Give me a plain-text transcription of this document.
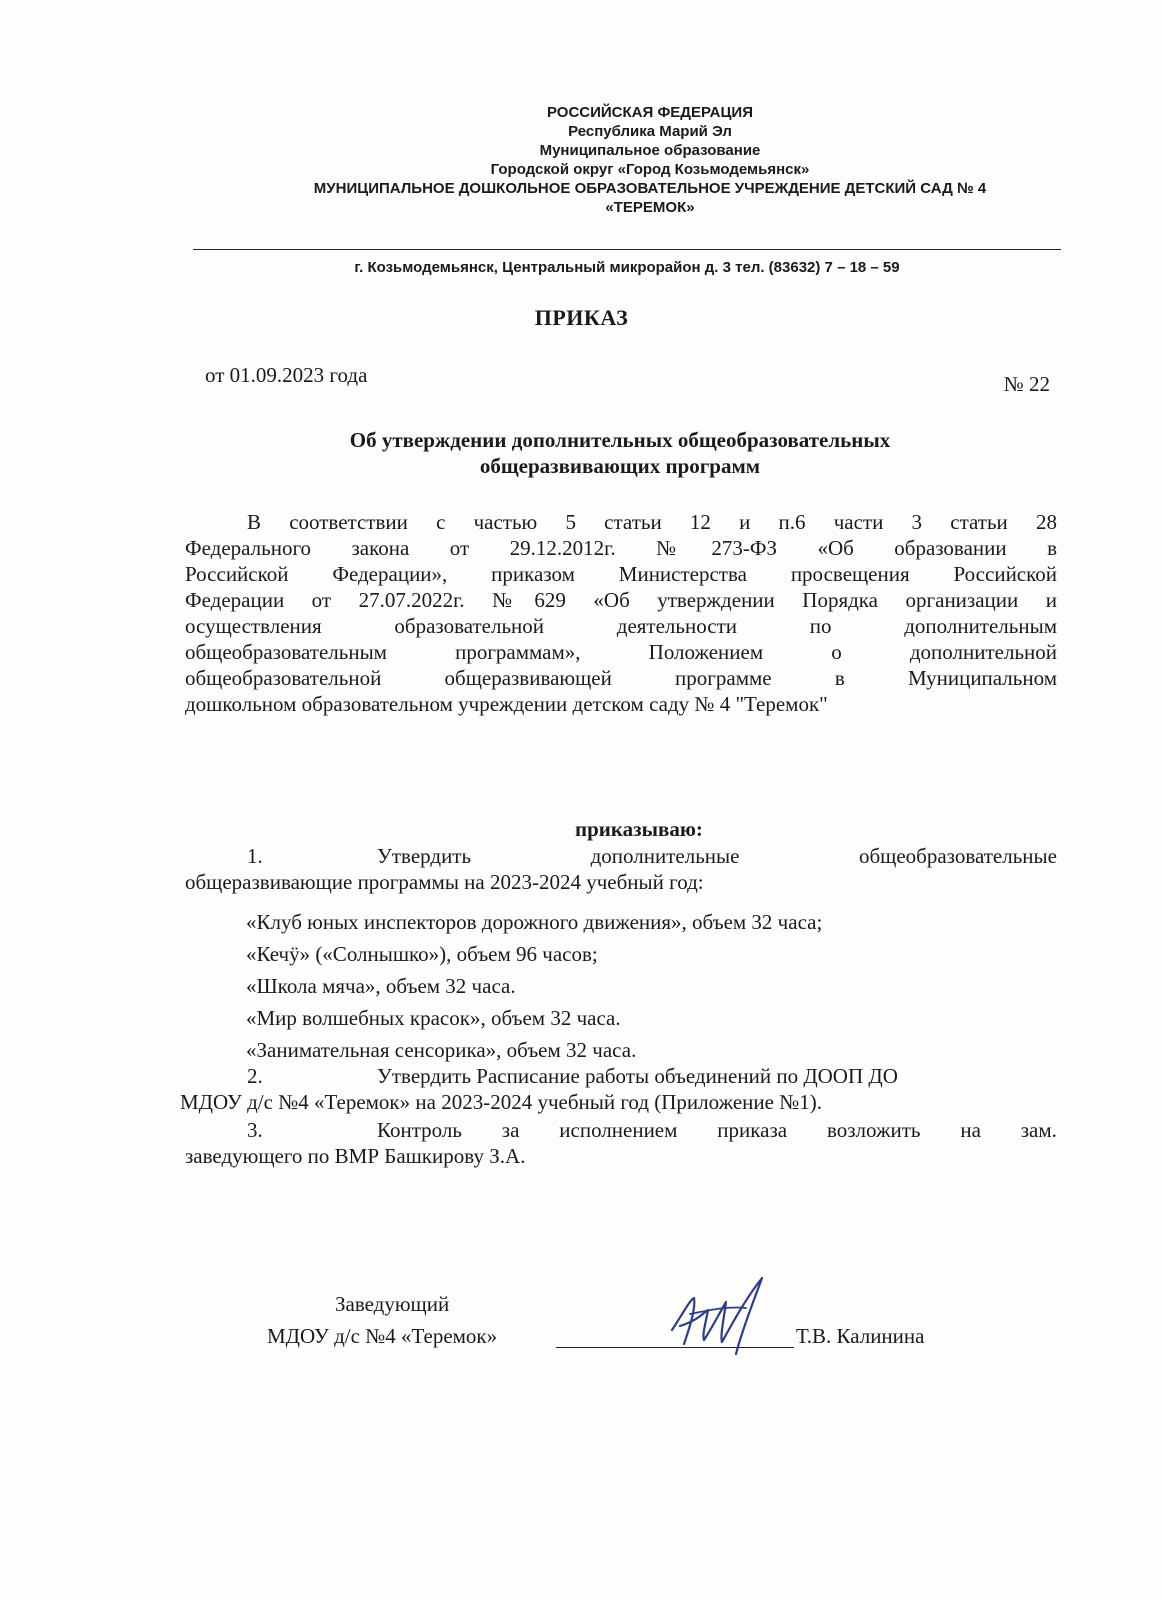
РОССИЙСКАЯ ФЕДЕРАЦИЯ
Республика Марий Эл
Муниципальное образование
Городской округ «Город Козьмодемьянск»
МУНИЦИПАЛЬНОЕ ДОШКОЛЬНОЕ ОБРАЗОВАТЕЛЬНОЕ УЧРЕЖДЕНИЕ ДЕТСКИЙ САД № 4
«ТЕРЕМОК»
г. Козьмодемьянск, Центральный микрорайон д. 3 тел. (83632) 7 – 18 – 59
ПРИКАЗ
от 01.09.2023 года	№ 22
Об утверждении дополнительных общеобразовательных
общеразвивающих программ
В соответствии с частью 5 статьи 12 и п.6 части 3 статьи 28
Федерального закона от 29.12.2012г. №273-ФЗ «Об образовании в
Российской Федерации», приказом Министерства просвещения Российской
Федерации от 27.07.2022г. №629 «Об утверждении Порядка организации и
осуществления образовательной деятельности по дополнительным
общеобразовательным программам», Положением о дополнительной
общеобразовательной общеразвивающей программе в Муниципальном
дошкольном образовательном учреждении детском саду № 4 "Теремок"
приказываю:
1.	Утвердить	дополнительные	общеобразовательные
общеразвивающие программы на 2023-2024 учебный год:
«Клуб юных инспекторов дорожного движения», объем 32 часа;
«Кечӱ» («Солнышко»), объем 96 часов;
«Школа мяча», объем 32 часа.
«Мир волшебных красок», объем 32 часа.
«Занимательная сенсорика», объем 32 часа.
2.	Утвердить Расписание работы объединений по ДООП ДО
МДОУ д/с №4 «Теремок» на 2023-2024 учебный год (Приложение №1).
3.	Контроль за исполнением приказа возложить на зам.
заведующего по ВМР Башкирову З.А.
Заведующий
МДОУ д/с №4 «Теремок»	Т.В. Калинина
